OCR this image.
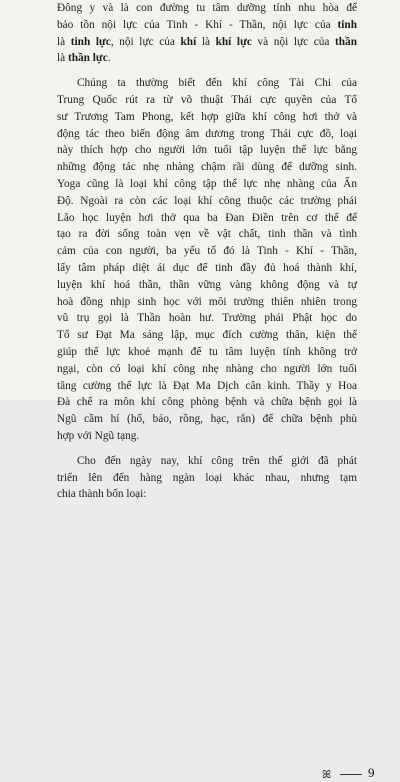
Đông y và là con đường tu tâm dưỡng tính nhu hòa để
bảo tồn nội lực của Tinh - Khí - Thần, nội lực của tinh
là tinh lực, nội lực của khí là khí lực và nội lực của thần
là thần lực.
Chúng ta thường biết đến khí công Tài Chi của
Trung Quốc rút ra từ võ thuật Thái cực quyền của Tổ
sư Trương Tam Phong, kết hợp giữa khí công hơi thở và
động tác theo biến động âm dương trong Thái cực đồ, loại
này thích hợp cho người lớn tuổi tập luyện thể lực bằng
những động tác nhẹ nhàng chậm rãi dùng để dưỡng sinh.
Yoga cũng là loại khí công tập thể lực nhẹ nhàng của Ấn
Độ. Ngoài ra còn các loại khí công thuộc các trường phái
Lão học luyện hơi thở qua ba Đan Điền trên cơ thể để
tạo ra đời sống toàn vẹn về vật chất, tinh thần và tình
cảm của con người, ba yếu tố đó là Tinh - Khí - Thần,
lấy tâm pháp diệt ái dục để tinh đầy đủ hoá thành khí,
luyện khí hoá thần, thần vững vàng không động và tự
hoà đồng nhịp sinh học với môi trường thiên nhiên trong
vũ trụ gọi là Thần hoàn hư. Trường phái Phật học do
Tổ sư Đạt Ma sáng lập, mục đích cường thân, kiện thể
giúp thể lực khoẻ mạnh để tu tâm luyện tính không trở
ngại, còn có loại khí công nhẹ nhàng cho người lớn tuổi
tăng cường thể lực là Đạt Ma Dịch cân kinh. Thầy y Hoa
Đà chế ra môn khí công phòng bệnh và chữa bệnh gọi là
Ngũ cầm hí (hổ, báo, rồng, hạc, rắn) để chữa bệnh phù
hợp với Ngũ tạng.
Cho đến ngày nay, khí công trên thế giới đã phát
triển lên đến hàng ngàn loại khác nhau, nhưng tạm
chia thành bốn loại:
ꕤ	9
